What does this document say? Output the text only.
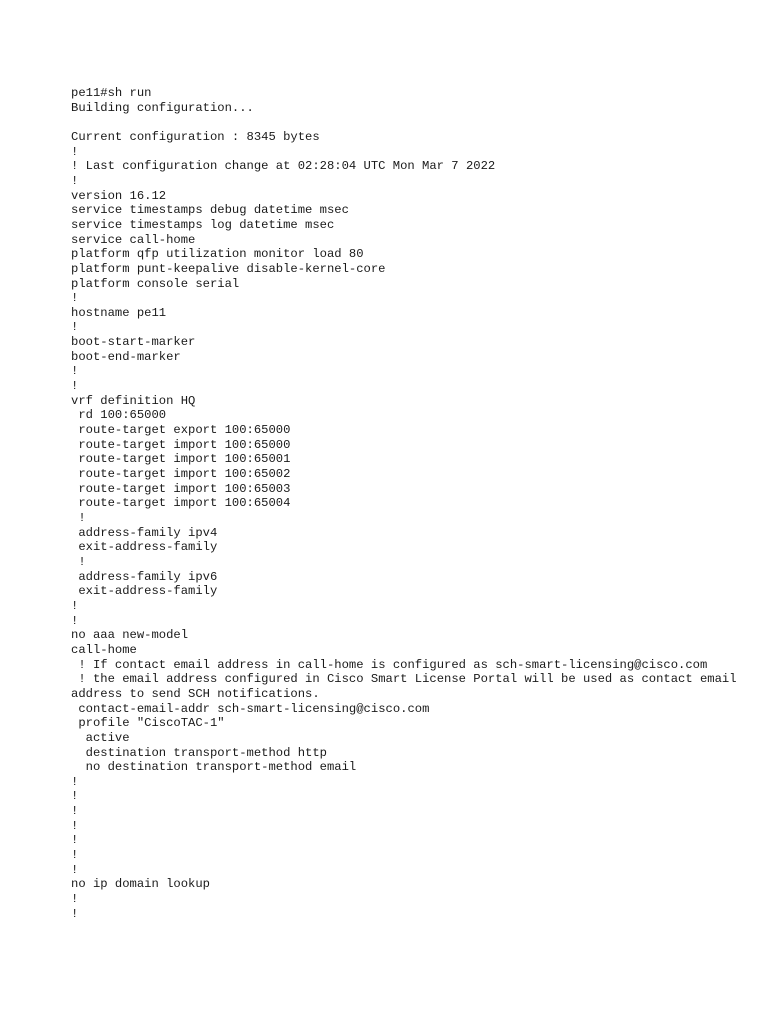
pe11#sh run
Building configuration...
Current configuration : 8345 bytes
!
! Last configuration change at 02:28:04 UTC Mon Mar 7 2022
!
version 16.12
service timestamps debug datetime msec
service timestamps log datetime msec
service call-home
platform qfp utilization monitor load 80
platform punt-keepalive disable-kernel-core
platform console serial
!
hostname pe11
!
boot-start-marker
boot-end-marker
!
!
vrf definition HQ
rd 100:65000
route-target export 100:65000
route-target import 100:65000
route-target import 100:65001
route-target import 100:65002
route-target import 100:65003
route-target import 100:65004
!
address-family ipv4
exit-address-family
!
address-family ipv6
exit-address-family
!
!
no aaa new-model
call-home
! If contact email address in call-home is configured as sch-smart-licensing@cisco.com
! the email address configured in Cisco Smart License Portal will be used as contact email address to send SCH notifications.
contact-email-addr sch-smart-licensing@cisco.com
profile "CiscoTAC-1"
active
destination transport-method http
no destination transport-method email
!
!
!
!
!
!
!
no ip domain lookup
!
!
